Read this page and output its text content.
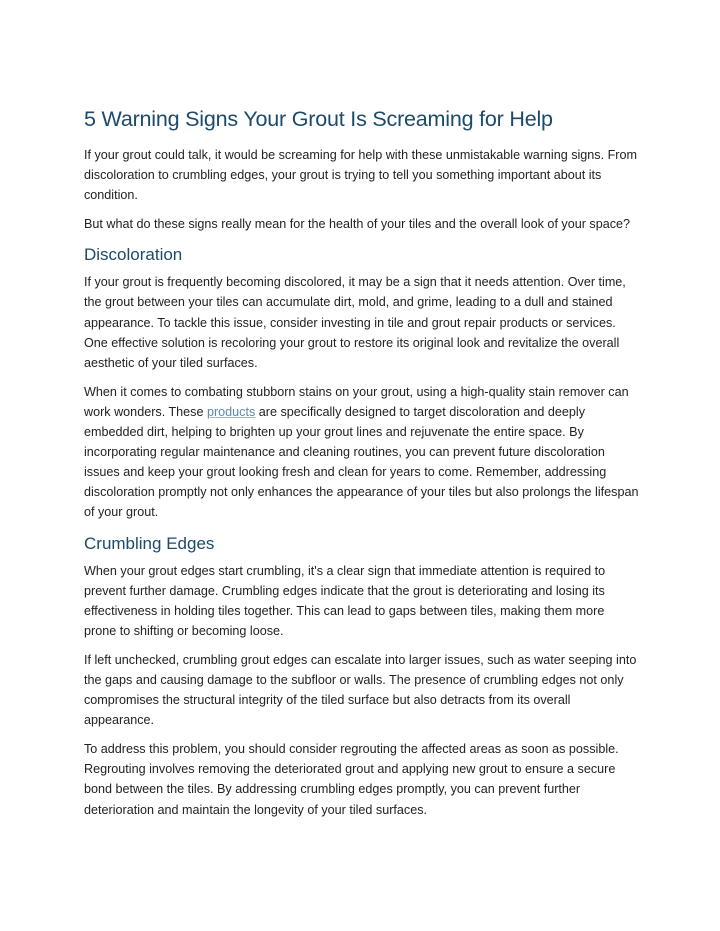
5 Warning Signs Your Grout Is Screaming for Help

If your grout could talk, it would be screaming for help with these unmistakable warning signs. From discoloration to crumbling edges, your grout is trying to tell you something important about its condition.

But what do these signs really mean for the health of your tiles and the overall look of your space?

Discoloration

If your grout is frequently becoming discolored, it may be a sign that it needs attention. Over time, the grout between your tiles can accumulate dirt, mold, and grime, leading to a dull and stained appearance. To tackle this issue, consider investing in tile and grout repair products or services. One effective solution is recoloring your grout to restore its original look and revitalize the overall aesthetic of your tiled surfaces.

When it comes to combating stubborn stains on your grout, using a high-quality stain remover can work wonders. These products are specifically designed to target discoloration and deeply embedded dirt, helping to brighten up your grout lines and rejuvenate the entire space. By incorporating regular maintenance and cleaning routines, you can prevent future discoloration issues and keep your grout looking fresh and clean for years to come. Remember, addressing discoloration promptly not only enhances the appearance of your tiles but also prolongs the lifespan of your grout.

Crumbling Edges

When your grout edges start crumbling, it's a clear sign that immediate attention is required to prevent further damage. Crumbling edges indicate that the grout is deteriorating and losing its effectiveness in holding tiles together. This can lead to gaps between tiles, making them more prone to shifting or becoming loose.

If left unchecked, crumbling grout edges can escalate into larger issues, such as water seeping into the gaps and causing damage to the subfloor or walls. The presence of crumbling edges not only compromises the structural integrity of the tiled surface but also detracts from its overall appearance.

To address this problem, you should consider regrouting the affected areas as soon as possible. Regrouting involves removing the deteriorated grout and applying new grout to ensure a secure bond between the tiles. By addressing crumbling edges promptly, you can prevent further deterioration and maintain the longevity of your tiled surfaces.
